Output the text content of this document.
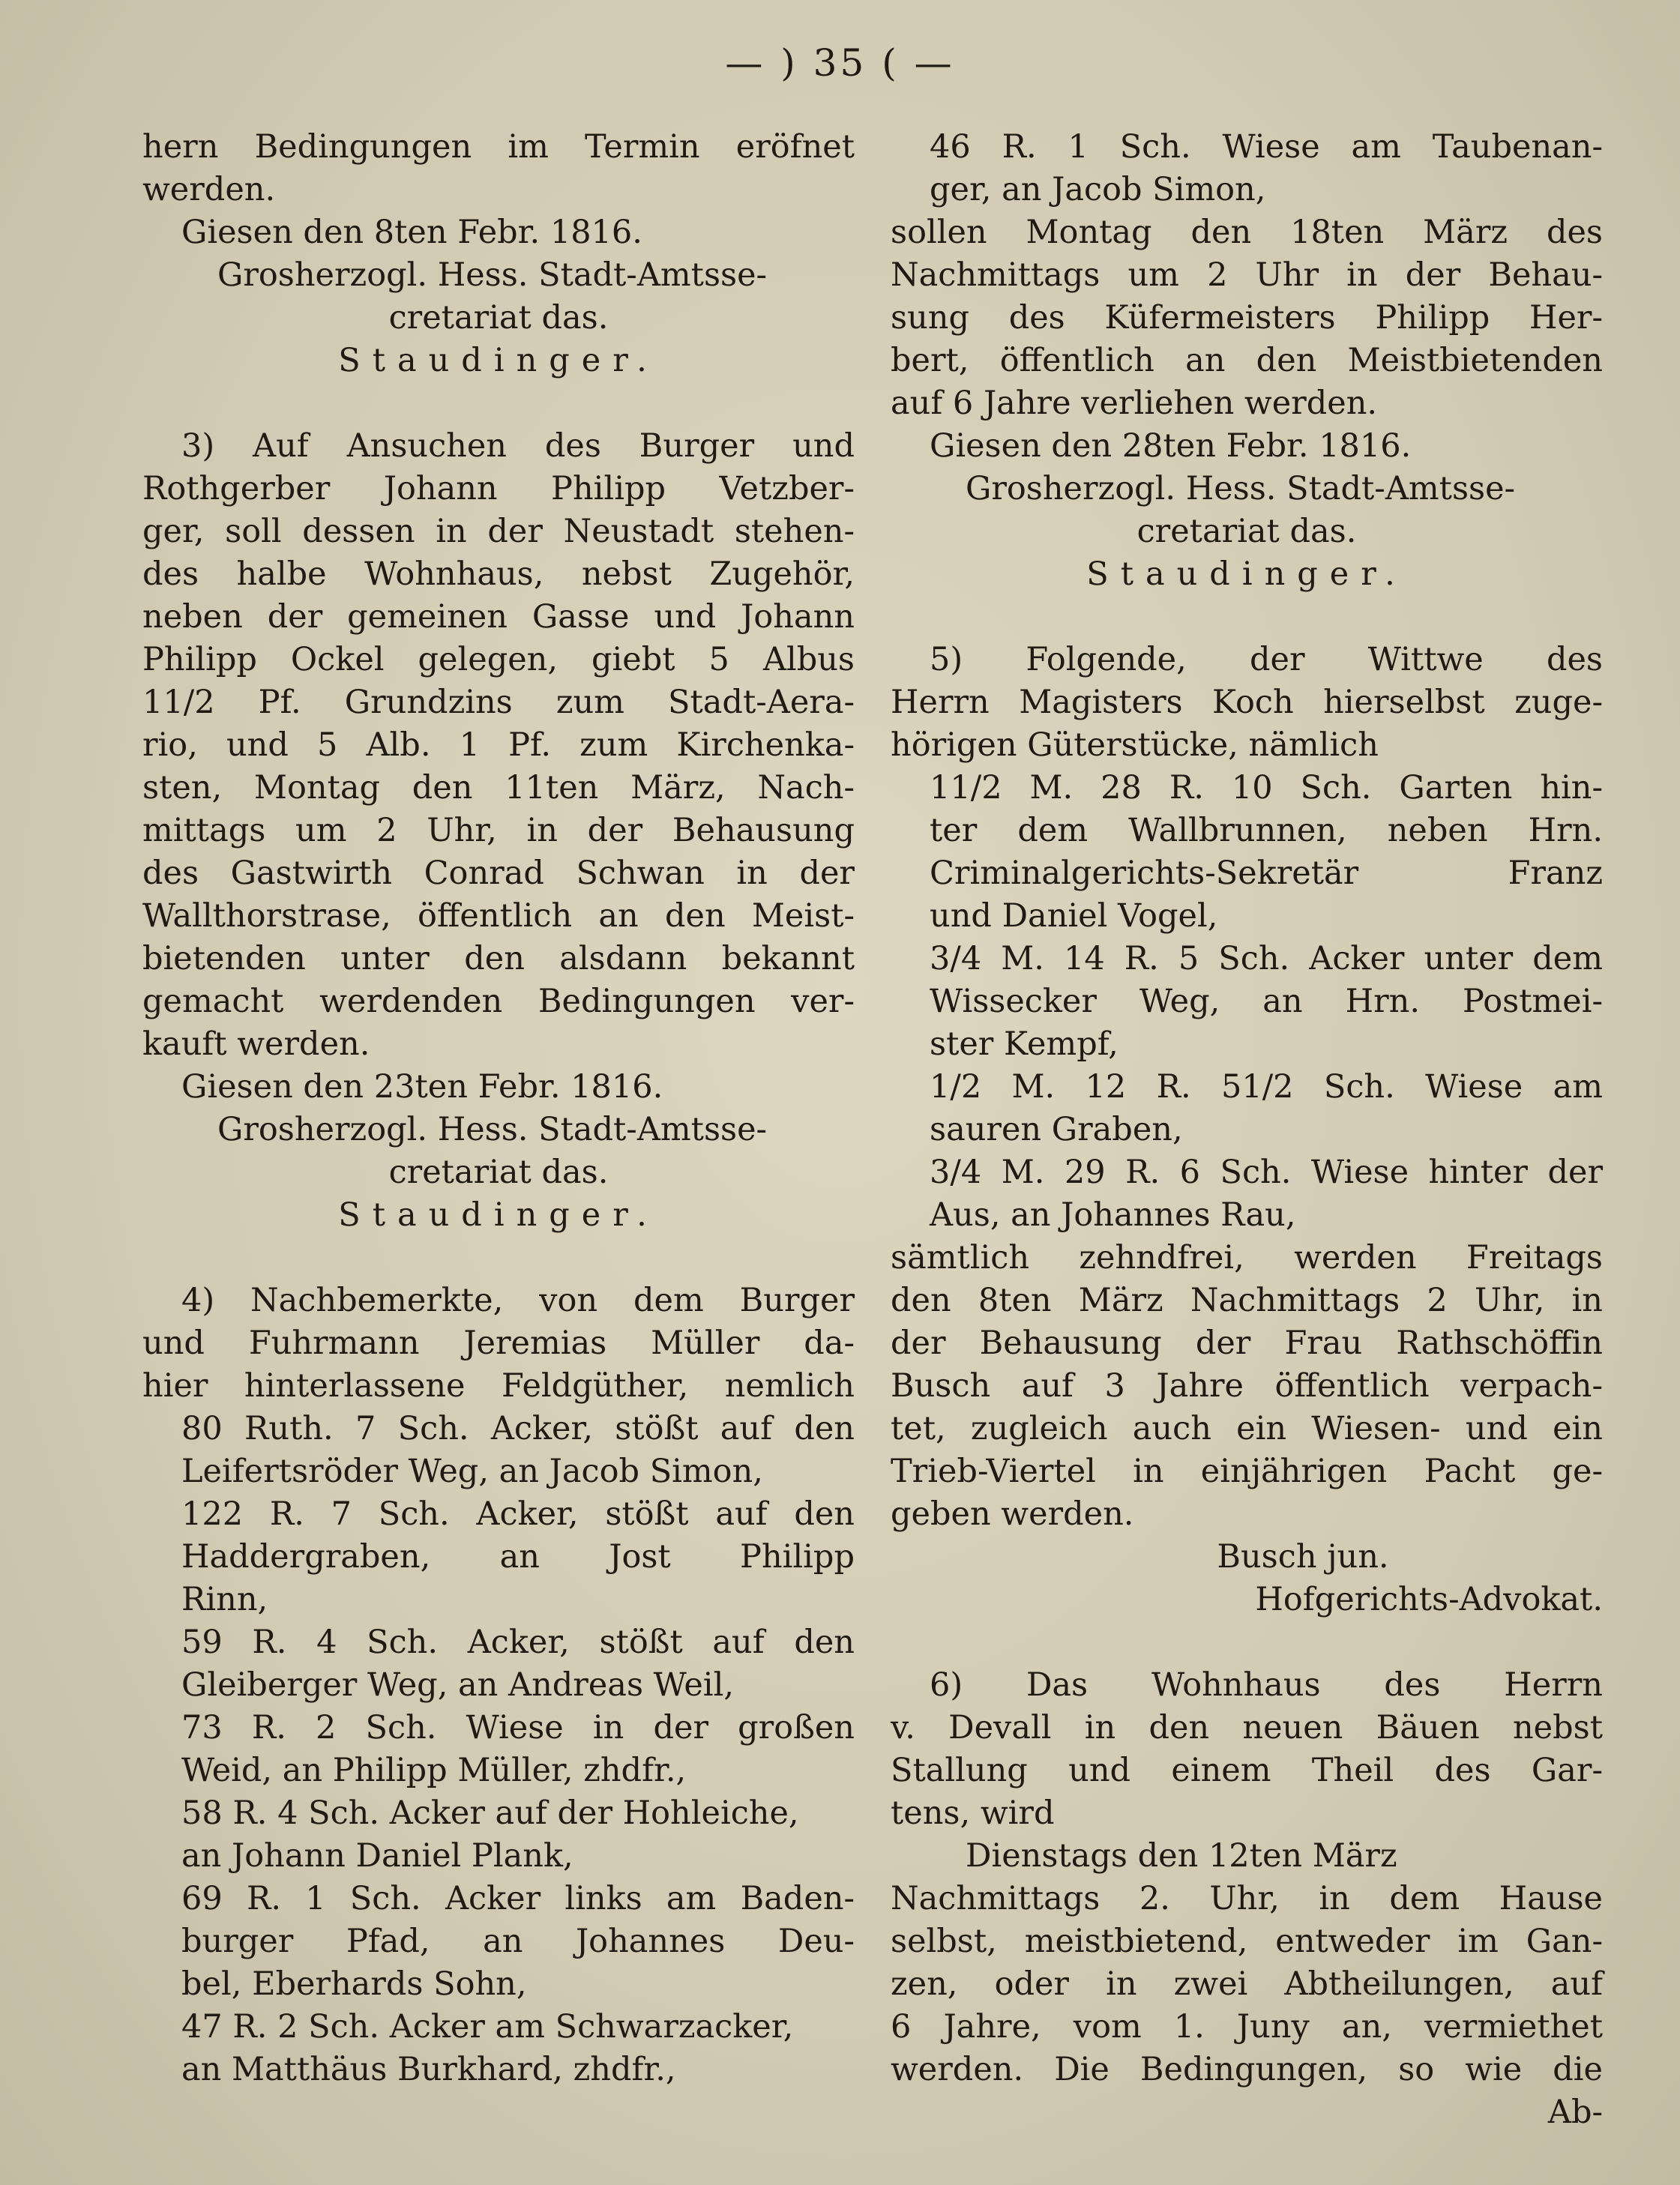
— ) 35 ( —
hern Bedingungen im Termin eröfnet
werden.
Giesen den 8ten Febr. 1816.
Grosherzogl. Hess. Stadt-Amtsse-
cretariat das.
Staudinger.
3) Auf Ansuchen des Burger und
Rothgerber Johann Philipp Vetzber-
ger, soll dessen in der Neustadt stehen-
des halbe Wohnhaus, nebst Zugehör,
neben der gemeinen Gasse und Johann
Philipp Ockel gelegen, giebt 5 Albus
11/2 Pf. Grundzins zum Stadt-Aera-
rio, und 5 Alb. 1 Pf. zum Kirchenka-
sten, Montag den 11ten März, Nach-
mittags um 2 Uhr, in der Behausung
des Gastwirth Conrad Schwan in der
Wallthorstrase, öffentlich an den Meist-
bietenden unter den alsdann bekannt
gemacht werdenden Bedingungen ver-
kauft werden.
Giesen den 23ten Febr. 1816.
Grosherzogl. Hess. Stadt-Amtsse-
cretariat das.
Staudinger.
4) Nachbemerkte, von dem Burger
und Fuhrmann Jeremias Müller da-
hier hinterlassene Feldgüther, nemlich
80 Ruth. 7 Sch. Acker, stößt auf den
Leifertsröder Weg, an Jacob Simon,
122 R. 7 Sch. Acker, stößt auf den
Haddergraben, an Jost Philipp
Rinn,
59 R. 4 Sch. Acker, stößt auf den
Gleiberger Weg, an Andreas Weil,
73 R. 2 Sch. Wiese in der großen
Weid, an Philipp Müller, zhdfr.,
58 R. 4 Sch. Acker auf der Hohleiche,
an Johann Daniel Plank,
69 R. 1 Sch. Acker links am Baden-
burger Pfad, an Johannes Deu-
bel, Eberhards Sohn,
47 R. 2 Sch. Acker am Schwarzacker,
an Matthäus Burkhard, zhdfr.,
46 R. 1 Sch. Wiese am Taubenan-
ger, an Jacob Simon,
sollen Montag den 18ten März des
Nachmittags um 2 Uhr in der Behau-
sung des Küfermeisters Philipp Her-
bert, öffentlich an den Meistbietenden
auf 6 Jahre verliehen werden.
Giesen den 28ten Febr. 1816.
Grosherzogl. Hess. Stadt-Amtsse-
cretariat das.
Staudinger.
5) Folgende, der Wittwe des
Herrn Magisters Koch hierselbst zuge-
hörigen Güterstücke, nämlich
11/2 M. 28 R. 10 Sch. Garten hin-
ter dem Wallbrunnen, neben Hrn.
Criminalgerichts-Sekretär Franz
und Daniel Vogel,
3/4 M. 14 R. 5 Sch. Acker unter dem
Wissecker Weg, an Hrn. Postmei-
ster Kempf,
1/2 M. 12 R. 51/2 Sch. Wiese am
sauren Graben,
3/4 M. 29 R. 6 Sch. Wiese hinter der
Aus, an Johannes Rau,
sämtlich zehndfrei, werden Freitags
den 8ten März Nachmittags 2 Uhr, in
der Behausung der Frau Rathschöffin
Busch auf 3 Jahre öffentlich verpach-
tet, zugleich auch ein Wiesen- und ein
Trieb-Viertel in einjährigen Pacht ge-
geben werden.
Busch jun.
Hofgerichts-Advokat.
6) Das Wohnhaus des Herrn
v. Devall in den neuen Bäuen nebst
Stallung und einem Theil des Gar-
tens, wird
Dienstags den 12ten März
Nachmittags 2. Uhr, in dem Hause
selbst, meistbietend, entweder im Gan-
zen, oder in zwei Abtheilungen, auf
6 Jahre, vom 1. Juny an, vermiethet
werden. Die Bedingungen, so wie die
Ab-
